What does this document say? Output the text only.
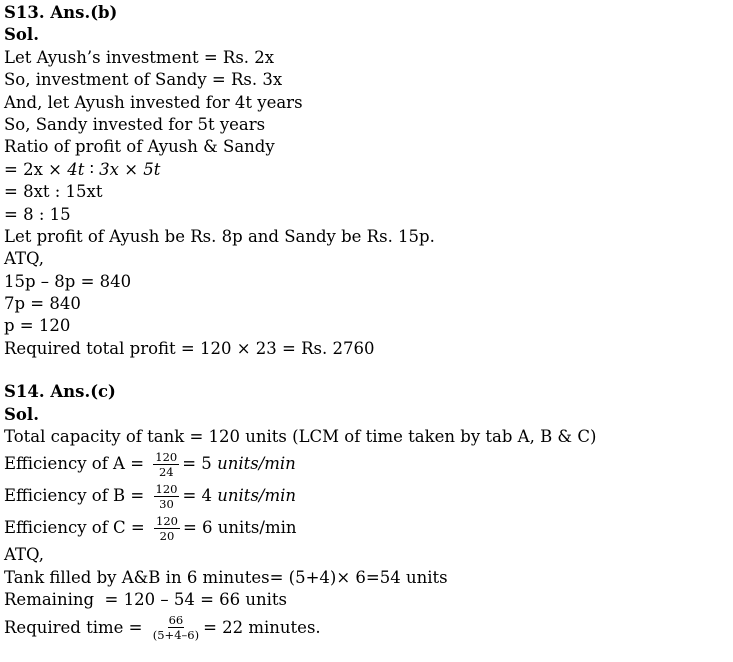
S13. Ans.(b)
Sol.
Let Ayush’s investment = Rs. 2x
So, investment of Sandy = Rs. 3x
And, let Ayush invested for 4t years
So, Sandy invested for 5t years
Ratio of profit of Ayush & Sandy
= 2x × 4t ∶ 3x × 5t
= 8xt : 15xt
= 8 : 15
Let profit of Ayush be Rs. 8p and Sandy be Rs. 15p.
ATQ,
15p – 8p = 840
7p = 840
p = 120
Required total profit = 120 × 23 = Rs. 2760
S14. Ans.(c)
Sol.
Total capacity of tank = 120 units (LCM of time taken by tab A, B & C)
Efficiency of $A = \frac{120}{24} = 5$ units/min
Efficiency of $B = \frac{120}{30} = 4$ units/min
Efficiency of $C = \frac{120}{20} = 6$ units/min
ATQ,
Tank filled by A&B in 6 minutes= (5+4)× 6=54 units
Remaining  = 120 – 54 = 66 units
Required time = $\frac{66}{(5+4-6)} = 22$ minutes.
